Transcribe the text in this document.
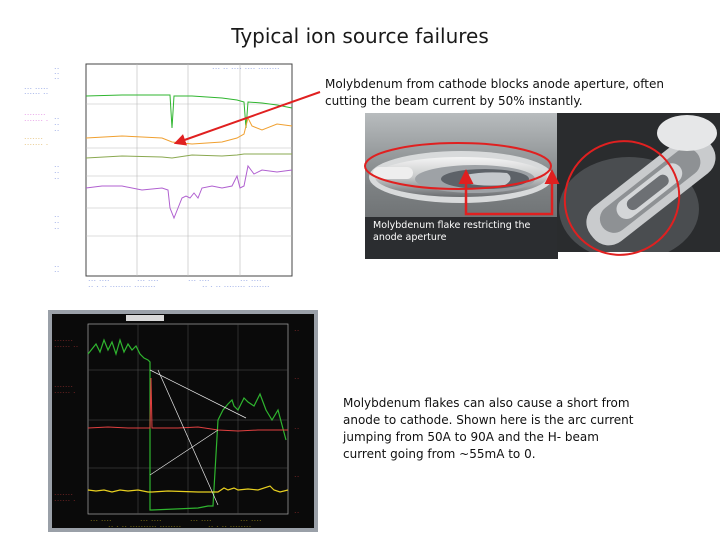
Typical ion source failures
--
--
--
--- -----
------ --
--
--
--
--
--
--
--
--
--
--
--
--- -- ---- ---- --------
--- ----	--- ----	--- ----	--- ----
-- - -- -------- --------	-- - -- -------- --------
--------
------- -
-------
------- -
-------
------ --
-------
------ -
-------
------ -
--
--
--
--
--
--- ----	--- ----	--- ----	--- ----
-- - -- ---------- --------	-- - -- --------
Molybdenum from cathode blocks anode aperture, often cutting the beam current by 50% instantly.
Molybdenum flake restricting the anode aperture
Molybdenum flakes can also cause a short from anode to cathode. Shown here is the arc current jumping from 50A to 90A and the H- beam current going from ~55mA to 0.
